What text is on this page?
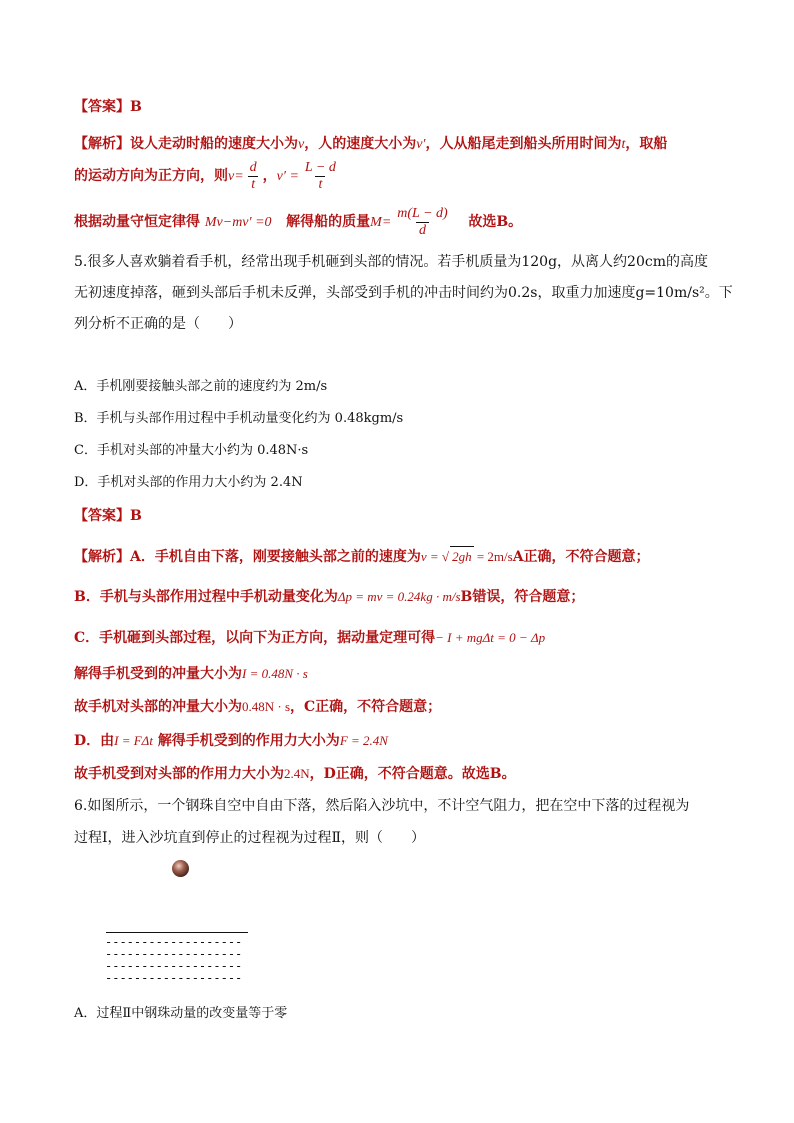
【答案】B
【解析】设人走动时船的速度大小为v，人的速度大小为v′，人从船尾走到船头所用时间为t，取船
的运动方向为正方向，则$v= \frac{d}{t}$ ，$v' = \frac{L - d}{t}$
根据动量守恒定律得 Mv−mv′ =0 解得船的质量$M= \frac{m(L - d)}{d}$ 故选B。
5.很多人喜欢躺着看手机，经常出现手机砸到头部的情况。若手机质量为120g，从离人约20cm的高度
无初速度掉落，砸到头部后手机未反弹，头部受到手机的冲击时间约为0.2s，取重力加速度g=10m/s²。下
列分析不正确的是（　　）
A．手机刚要接触头部之前的速度约为 2m/s
B．手机与头部作用过程中手机动量变化约为 0.48kgm/s
C．手机对头部的冲量大小约为 0.48N·s
D．手机对头部的作用力大小约为 2.4N
【答案】B
【解析】A．手机自由下落，刚要接触头部之前的速度为v = √ 2gh = 2m/sA正确，不符合题意；
B．手机与头部作用过程中手机动量变化为Δp = mv = 0.24kg · m/sB错误，符合题意；
C．手机砸到头部过程，以向下为正方向，据动量定理可得− I + mgΔt = 0 − Δp
解得手机受到的冲量大小为I = 0.48N · s
故手机对头部的冲量大小为0.48N · s，C正确，不符合题意；
D．由I = FΔt 解得手机受到的作用力大小为F = 2.4N
故手机受到对头部的作用力大小为2.4N，D正确，不符合题意。故选B。
6.如图所示，一个钢珠自空中自由下落，然后陷入沙坑中，不计空气阻力，把在空中下落的过程视为
过程Ⅰ，进入沙坑直到停止的过程视为过程Ⅱ，则（　　）
-------------------
-------------------
-------------------
-------------------
A．过程Ⅱ中钢珠动量的改变量等于零
